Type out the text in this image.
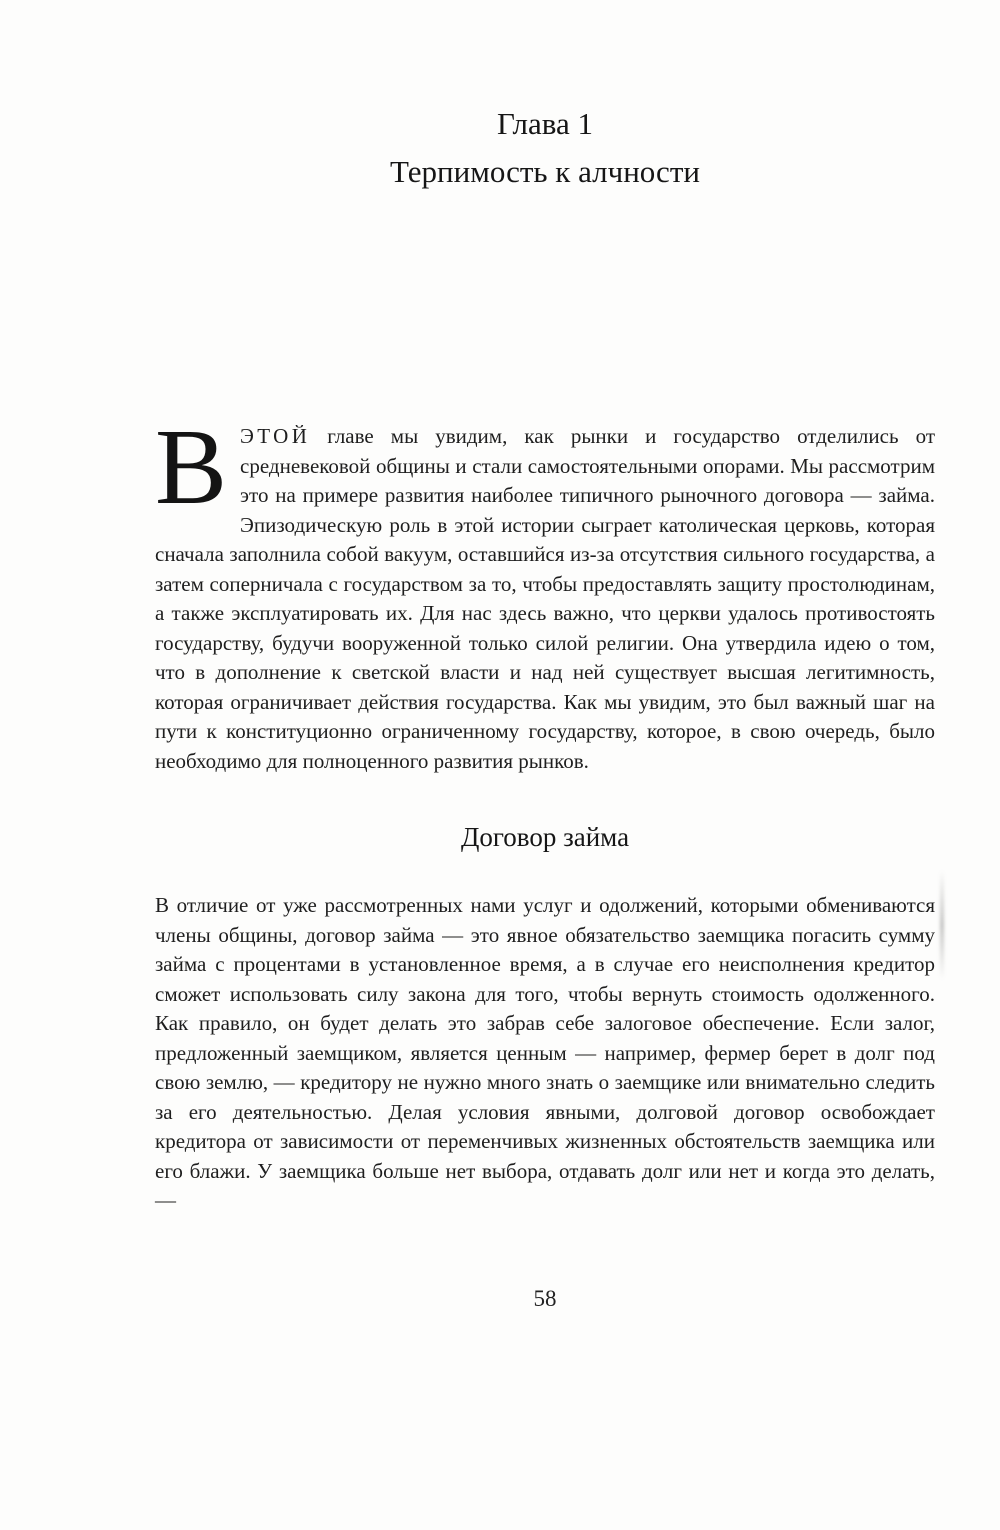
Глава 1
Терпимость к алчности

ВЭТОЙ главе мы увидим, как рынки и государство отделились от средневековой общины и стали самостоятельными опорами. Мы рассмотрим это на примере развития наиболее типичного рыночного договора — займа. Эпизодическую роль в этой истории сыграет католическая церковь, которая сначала заполнила собой вакуум, оставшийся из-за отсутствия сильного государства, а затем соперничала с государством за то, чтобы предоставлять защиту простолюдинам, а также эксплуатировать их. Для нас здесь важно, что церкви удалось противостоять государству, будучи вооруженной только силой религии. Она утвердила идею о том, что в дополнение к светской власти и над ней существует высшая легитимность, которая ограничивает действия государства. Как мы увидим, это был важный шаг на пути к конституционно ограниченному государству, которое, в свою очередь, было необходимо для полноценного развития рынков.

Договор займа

В отличие от уже рассмотренных нами услуг и одолжений, которыми обмениваются члены общины, договор займа — это явное обязательство заемщика погасить сумму займа с процентами в установленное время, а в случае его неисполнения кредитор сможет использовать силу закона для того, чтобы вернуть стоимость одолженного. Как правило, он будет делать это забрав себе залоговое обеспечение. Если залог, предложенный заемщиком, является ценным — например, фермер берет в долг под свою землю, — кредитору не нужно много знать о заемщике или внимательно следить за его деятельностью. Делая условия явными, долговой договор освобождает кредитора от зависимости от переменчивых жизненных обстоятельств заемщика или его блажи. У заемщика больше нет выбора, отдавать долг или нет и когда это делать, —

58
